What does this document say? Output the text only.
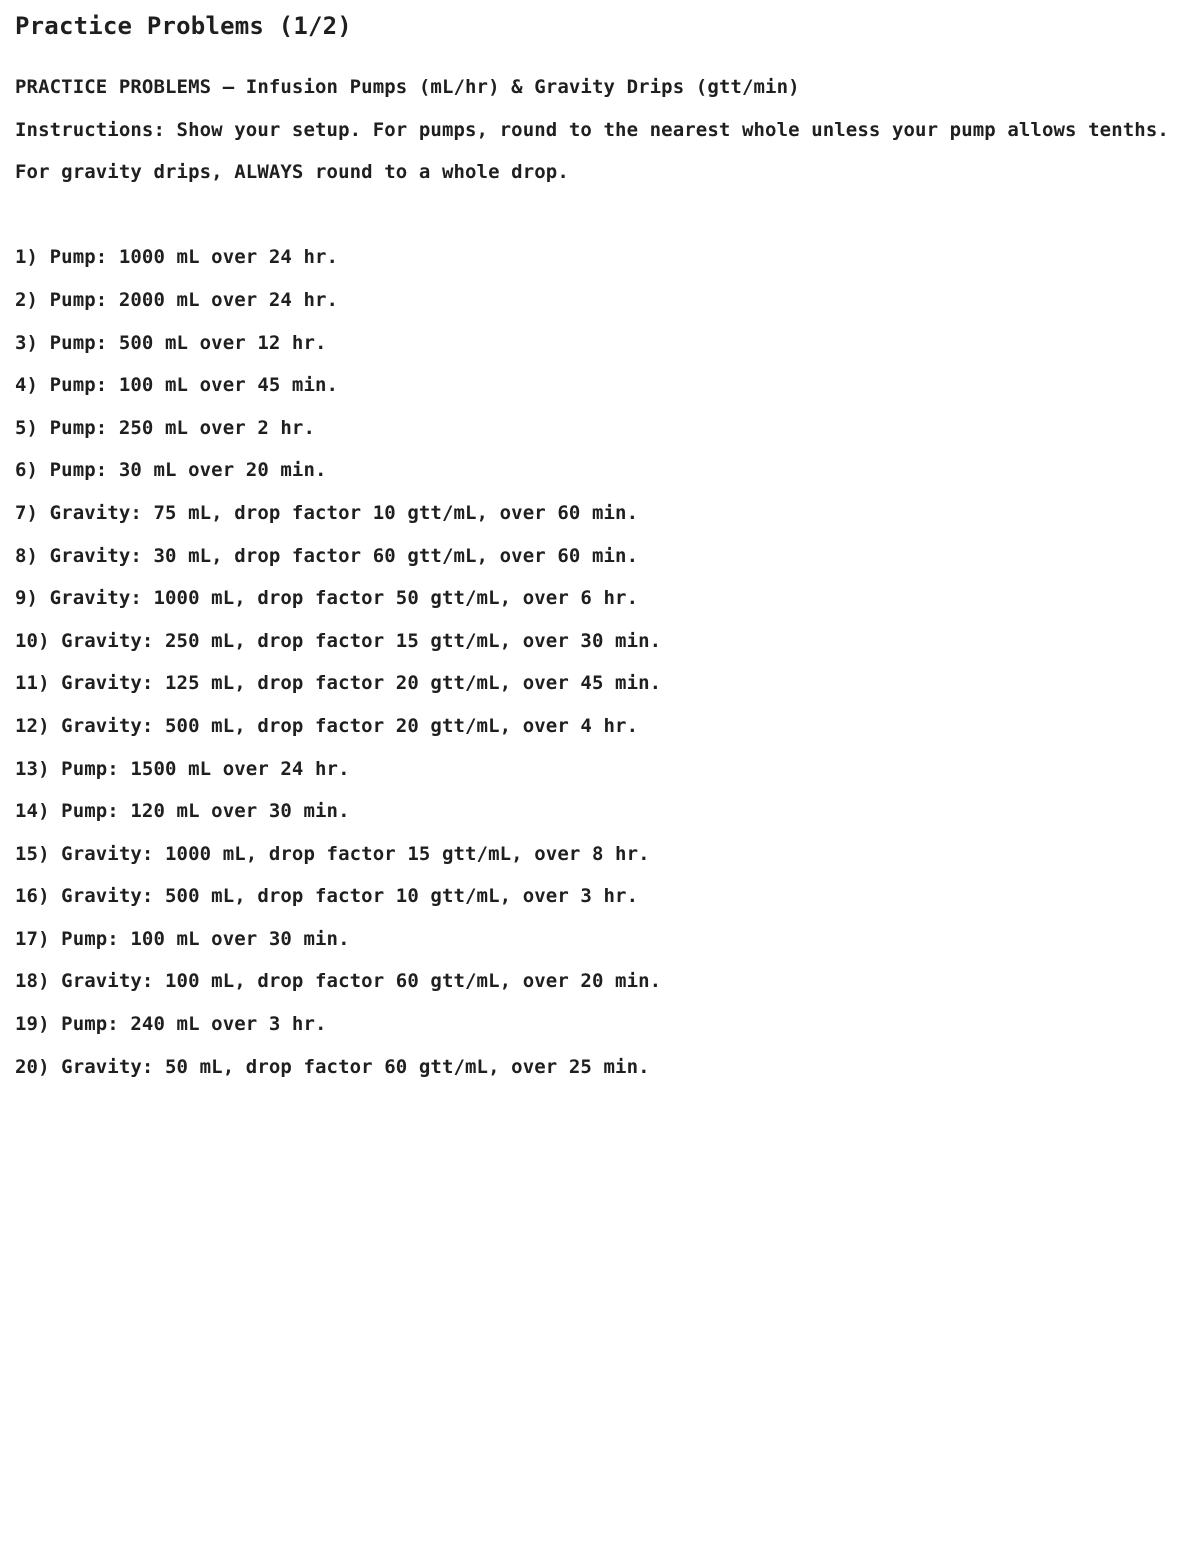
Practice Problems (1/2)
PRACTICE PROBLEMS — Infusion Pumps (mL/hr) & Gravity Drips (gtt/min)
Instructions: Show your setup. For pumps, round to the nearest whole unless your pump allows tenths.
For gravity drips, ALWAYS round to a whole drop.
1) Pump: 1000 mL over 24 hr.
2) Pump: 2000 mL over 24 hr.
3) Pump: 500 mL over 12 hr.
4) Pump: 100 mL over 45 min.
5) Pump: 250 mL over 2 hr.
6) Pump: 30 mL over 20 min.
7) Gravity: 75 mL, drop factor 10 gtt/mL, over 60 min.
8) Gravity: 30 mL, drop factor 60 gtt/mL, over 60 min.
9) Gravity: 1000 mL, drop factor 50 gtt/mL, over 6 hr.
10) Gravity: 250 mL, drop factor 15 gtt/mL, over 30 min.
11) Gravity: 125 mL, drop factor 20 gtt/mL, over 45 min.
12) Gravity: 500 mL, drop factor 20 gtt/mL, over 4 hr.
13) Pump: 1500 mL over 24 hr.
14) Pump: 120 mL over 30 min.
15) Gravity: 1000 mL, drop factor 15 gtt/mL, over 8 hr.
16) Gravity: 500 mL, drop factor 10 gtt/mL, over 3 hr.
17) Pump: 100 mL over 30 min.
18) Gravity: 100 mL, drop factor 60 gtt/mL, over 20 min.
19) Pump: 240 mL over 3 hr.
20) Gravity: 50 mL, drop factor 60 gtt/mL, over 25 min.
